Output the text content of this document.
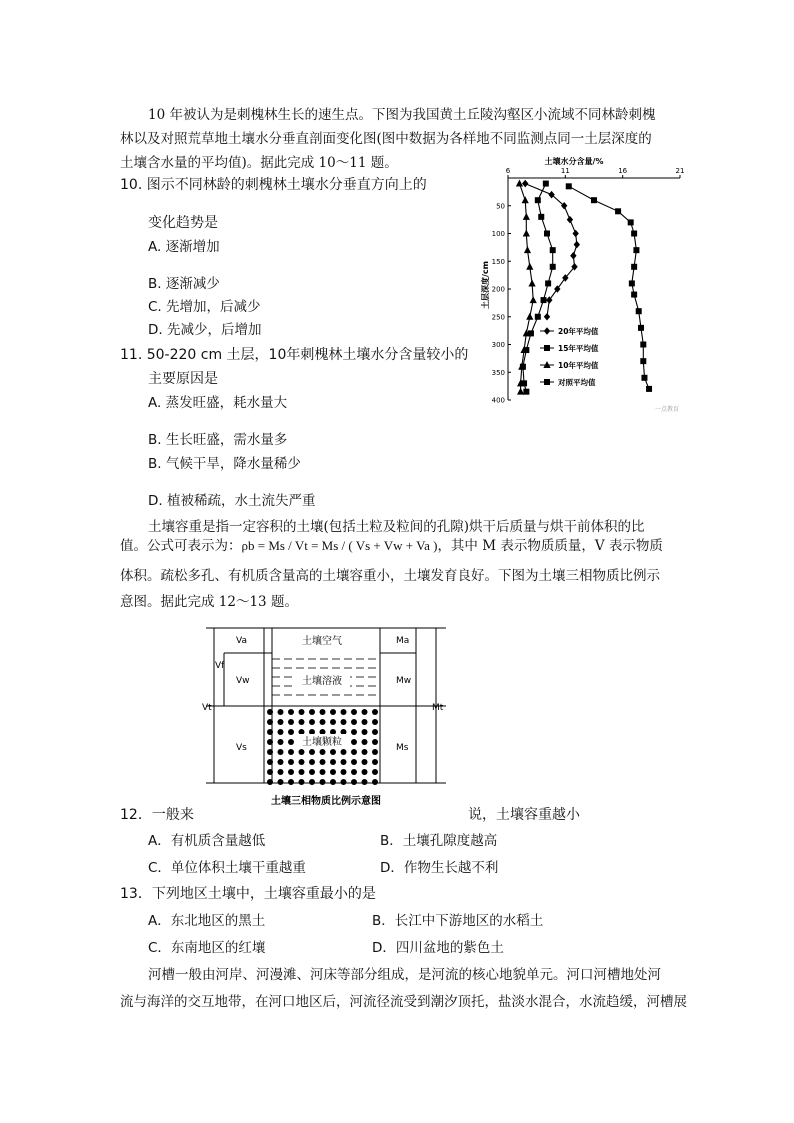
10 年被认为是刺槐林生长的速生点。下图为我国黄土丘陵沟壑区小流域不同林龄刺槐
林以及对照荒草地土壤水分垂直剖面变化图(图中数据为各样地不同监测点同一土层深度的
土壤含水量的平均值)。据此完成 10～11 题。
10. 图示不同林龄的刺槐林土壤水分垂直方向上的
变化趋势是
A. 逐渐增加
B. 逐渐减少
C. 先增加，后减少
D. 先减少，后增加
11. 50-220 cm 土层，10年刺槐林土壤水分含量较小的
主要原因是
A. 蒸发旺盛，耗水量大
B. 生长旺盛，需水量多
B. 气候干旱，降水量稀少
D. 植被稀疏，水土流失严重
土壤水分含量/%
土层深度/cm
6	11	16	21
50
100
150
200
250
300
350
400
20年平均值
15年平均值
10年平均值
对照平均值
一点教育
土壤容重是指一定容积的土壤(包括土粒及粒间的孔隙)烘干后质量与烘干前体积的比
值。公式可表示为：ρb = Ms / Vt = Ms / ( Vs + Vw + Va )，其中 M 表示物质质量，V 表示物质
体积。疏松多孔、有机质含量高的土壤容重小，土壤发育良好。下图为土壤三相物质比例示
意图。据此完成 12～13 题。
Va
Vf
Vw
Vt
Vs
Ma
Mw
Mt
Ms
土壤空气
土壤溶液
土壤颗粒
土壤三相物质比例示意图
12．一般来	说，土壤容重越小
A．有机质含量越低	B．土壤孔隙度越高
C．单位体积土壤干重越重	D．作物生长越不利
13．下列地区土壤中，土壤容重最小的是
A．东北地区的黑土	B．长江中下游地区的水稻土
C．东南地区的红壤	D．四川盆地的紫色土
河槽一般由河岸、河漫滩、河床等部分组成，是河流的核心地貌单元。河口河槽地处河
流与海洋的交互地带，在河口地区后，河流径流受到潮汐顶托，盐淡水混合，水流趋缓，河槽展
